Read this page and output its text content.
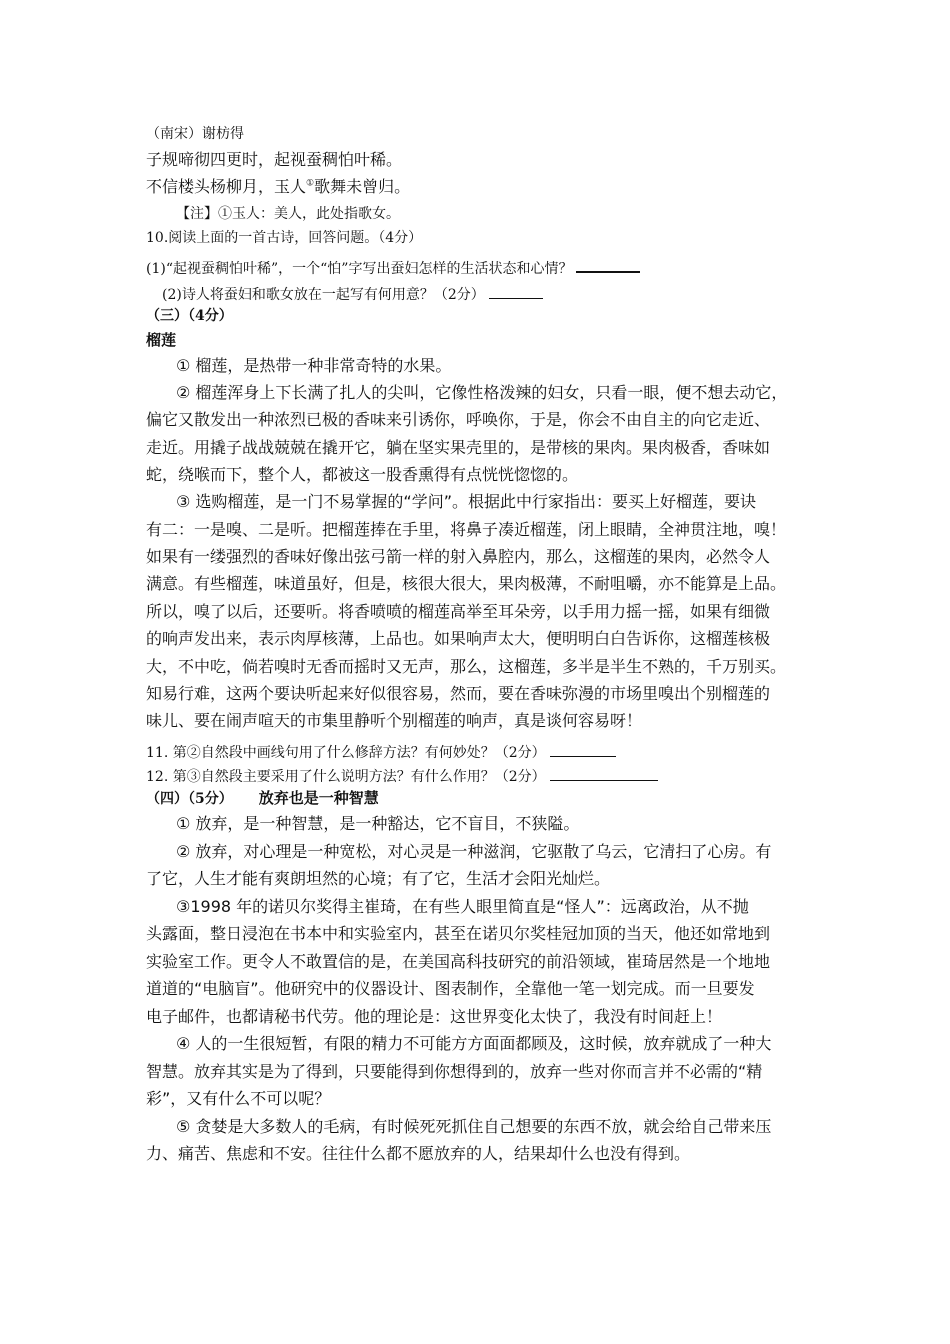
（南宋）谢枋得
子规啼彻四更时，起视蚕稠怕叶稀。
不信楼头杨柳月，玉人①歌舞未曾归。
【注】①玉人：美人，此处指歌女。
10.阅读上面的一首古诗，回答问题。（4分）
(1)“起视蚕稠怕叶稀”，一个“怕”字写出蚕妇怎样的生活状态和心情？
(2)诗人将蚕妇和歌女放在一起写有何用意？（2分）
（三）（4分）
榴莲
① 榴莲，是热带一种非常奇特的水果。
② 榴莲浑身上下长满了扎人的尖叫，它像性格泼辣的妇女，只看一眼，便不想去动它，
偏它又散发出一种浓烈已极的香味来引诱你，呼唤你，于是，你会不由自主的向它走近、
走近。用撬子战战兢兢在撬开它，躺在坚实果壳里的，是带核的果肉。果肉极香，香味如
蛇，绕喉而下，整个人，都被这一股香熏得有点恍恍惚惚的。
③ 选购榴莲，是一门不易掌握的“学问”。根据此中行家指出：要买上好榴莲，要诀
有二：一是嗅、二是听。把榴莲捧在手里，将鼻子凑近榴莲，闭上眼睛，全神贯注地，嗅！
如果有一缕强烈的香味好像出弦弓箭一样的射入鼻腔内，那么，这榴莲的果肉，必然令人
满意。有些榴莲，味道虽好，但是，核很大很大，果肉极薄，不耐咀嚼，亦不能算是上品。
所以，嗅了以后，还要听。将香喷喷的榴莲高举至耳朵旁，以手用力摇一摇，如果有细微
的响声发出来，表示肉厚核薄，上品也。如果响声太大，便明明白白告诉你，这榴莲核极
大，不中吃，倘若嗅时无香而摇时又无声，那么，这榴莲，多半是半生不熟的，千万别买。
知易行难，这两个要诀听起来好似很容易，然而，要在香味弥漫的市场里嗅出个别榴莲的
味儿、要在闹声喧天的市集里静听个别榴莲的响声，真是谈何容易呀！
11. 第②自然段中画线句用了什么修辞方法？有何妙处？（2分）
12. 第③自然段主要采用了什么说明方法？有什么作用？（2分）
（四）（5分） 放弃也是一种智慧
① 放弃，是一种智慧，是一种豁达，它不盲目，不狭隘。
② 放弃，对心理是一种宽松，对心灵是一种滋润，它驱散了乌云，它清扫了心房。有
了它，人生才能有爽朗坦然的心境；有了它，生活才会阳光灿烂。
③1998 年的诺贝尔奖得主崔琦，在有些人眼里简直是“怪人”：远离政治，从不抛
头露面，整日浸泡在书本中和实验室内，甚至在诺贝尔奖桂冠加顶的当天，他还如常地到
实验室工作。更令人不敢置信的是，在美国高科技研究的前沿领域，崔琦居然是一个地地
道道的“电脑盲”。他研究中的仪器设计、图表制作，全靠他一笔一划完成。而一旦要发
电子邮件，也都请秘书代劳。他的理论是：这世界变化太快了，我没有时间赶上！
④ 人的一生很短暂，有限的精力不可能方方面面都顾及，这时候，放弃就成了一种大
智慧。放弃其实是为了得到，只要能得到你想得到的，放弃一些对你而言并不必需的“精
彩”，又有什么不可以呢？
⑤ 贪婪是大多数人的毛病，有时候死死抓住自己想要的东西不放，就会给自己带来压
力、痛苦、焦虑和不安。往往什么都不愿放弃的人，结果却什么也没有得到。
